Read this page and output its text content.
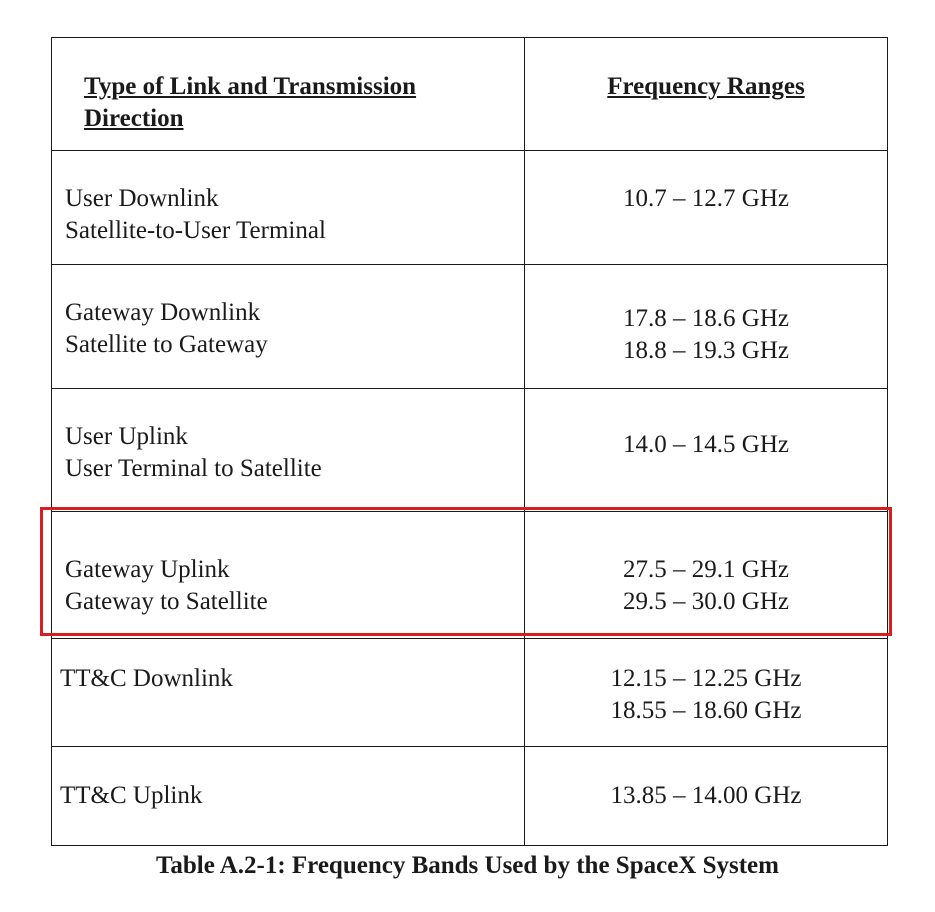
Type of Link and Transmission
Direction	Frequency Ranges

User Downlink
Satellite-to-User Terminal	10.7 – 12.7 GHz

Gateway Downlink
Satellite to Gateway	17.8 – 18.6 GHz
18.8 – 19.3 GHz

User Uplink
User Terminal to Satellite	14.0 – 14.5 GHz

Gateway Uplink
Gateway to Satellite	27.5 – 29.1 GHz
29.5 – 30.0 GHz

TT&C Downlink	12.15 – 12.25 GHz
18.55 – 18.60 GHz

TT&C Uplink	13.85 – 14.00 GHz
Table A.2-1: Frequency Bands Used by the SpaceX System
